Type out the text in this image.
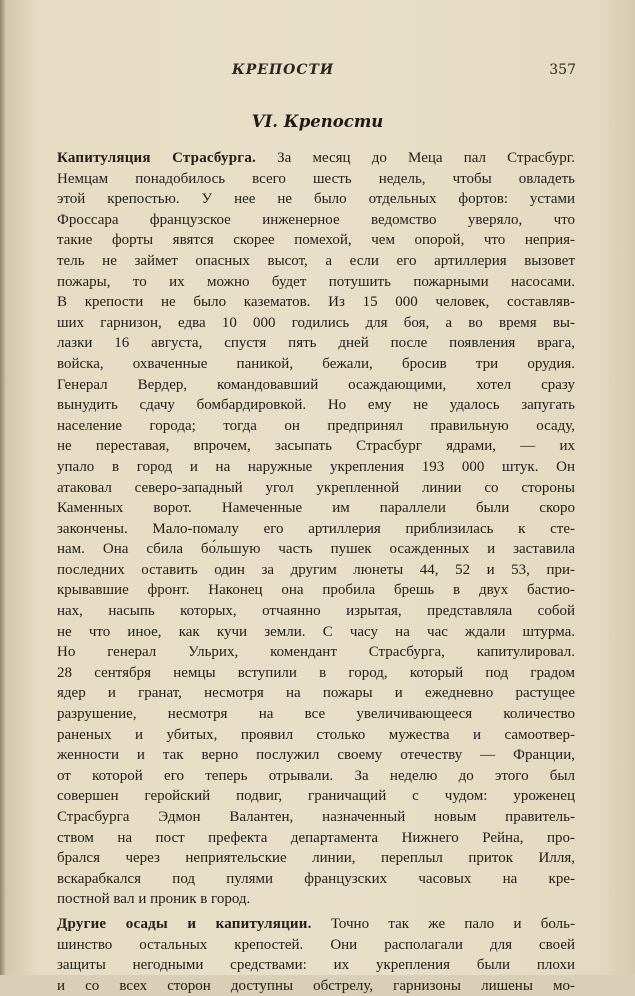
КРЕПОСТИ	357
VI. Крепости
Капитуляция Страсбурга. За месяц до Меца пал Страсбург.
Немцам понадобилось всего шесть недель, чтобы овладеть
этой крепостью. У нее не было отдельных фортов: устами
Фроссара французское инженерное ведомство уверяло, что
такие форты явятся скорее помехой, чем опорой, что неприя-
тель не займет опасных высот, а если его артиллерия вызовет
пожары, то их можно будет потушить пожарными насосами.
В крепости не было казематов. Из 15 000 человек, составляв-
ших гарнизон, едва 10 000 годились для боя, а во время вы-
лазки 16 августа, спустя пять дней после появления врага,
войска, охваченные паникой, бежали, бросив три орудия.
Генерал Вердер, командовавший осаждающими, хотел сразу
вынудить сдачу бомбардировкой. Но ему не удалось запугать
население города; тогда он предпринял правильную осаду,
не переставая, впрочем, засыпать Страсбург ядрами, — их
упало в город и на наружные укрепления 193 000 штук. Он
атаковал северо-западный угол укрепленной линии со стороны
Каменных ворот. Намеченные им параллели были скоро
закончены. Мало-помалу его артиллерия приблизилась к сте-
нам. Она сбила бо́льшую часть пушек осажденных и заставила
последних оставить один за другим люнеты 44, 52 и 53, при-
крывавшие фронт. Наконец она пробила брешь в двух бастио-
нах, насыпь которых, отчаянно изрытая, представляла собой
не что иное, как кучи земли. С часу на час ждали штурма.
Но генерал Ульрих, комендант Страсбурга, капитулировал.
28 сентября немцы вступили в город, который под градом
ядер и гранат, несмотря на пожары и ежедневно растущее
разрушение, несмотря на все увеличивающееся количество
раненых и убитых, проявил столько мужества и самоотвер-
женности и так верно послужил своему отечеству — Франции,
от которой его теперь отрывали. За неделю до этого был
совершен геройский подвиг, граничащий с чудом: уроженец
Страсбурга Эдмон Валантен, назначенный новым правитель-
ством на пост префекта департамента Нижнего Рейна, про-
брался через неприятельские линии, переплыл приток Илля,
вскарабкался под пулями французских часовых на кре-
постной вал и проник в город.
Другие осады и капитуляции. Точно так же пало и боль-
шинство остальных крепостей. Они располагали для своей
защиты негодными средствами: их укрепления были плохи
и со всех сторон доступны обстрелу, гарнизоны лишены мо-
